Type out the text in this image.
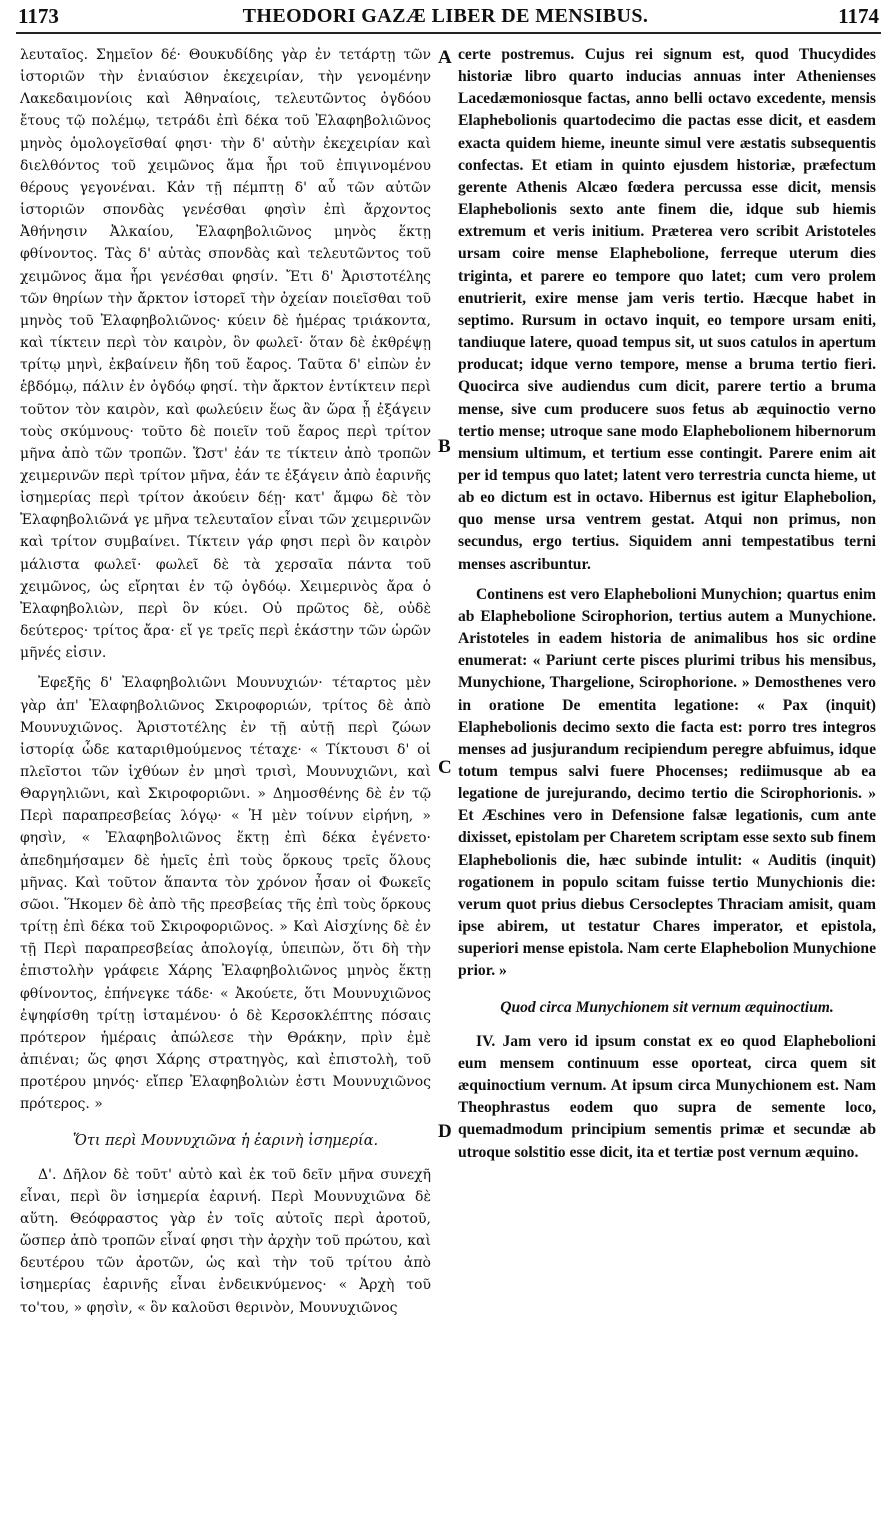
1173	THEODORI GAZÆ LIBER DE MENSIBUS.	1174

λευταῖος. Σημεῖον δέ· Θουκυδίδης γὰρ ἐν τετάρτῃ τῶν ἱστοριῶν τὴν ἐνιαύσιον ἐκεχειρίαν, τὴν γενομένην Λακεδαιμονίοις καὶ Ἀθηναίοις, τελευτῶντος ὀγδόου ἔτους τῷ πολέμῳ, τετράδι ἐπὶ δέκα τοῦ Ἐλαφηβολιῶνος μηνὸς ὁμολογεῖσθαί φησι· τὴν δ' αὐτὴν ἐκεχειρίαν καὶ διελθόντος τοῦ χειμῶνος ἅμα ἦρι τοῦ ἐπιγινομένου θέρους γεγονέναι. Κἀν τῇ πέμπτῃ δ' αὖ τῶν αὐτῶν ἱστοριῶν σπονδὰς γενέσθαι φησὶν ἐπὶ ἄρχοντος Ἀθήνησιν Ἀλκαίου, Ἐλαφηβολιῶνος μηνὸς ἕκτῃ φθίνοντος. Τὰς δ' αὐτὰς σπονδὰς καὶ τελευτῶντος τοῦ χειμῶνος ἅμα ἦρι γενέσθαι φησίν. Ἔτι δ' Ἀριστοτέλης τῶν θηρίων τὴν ἄρκτον ἱστορεῖ τὴν ὀχείαν ποιεῖσθαι τοῦ μηνὸς τοῦ Ἐλαφηβολιῶνος· κύειν δὲ ἡμέρας τριάκοντα, καὶ τίκτειν περὶ τὸν καιρὸν, ὃν φωλεῖ· ὅταν δὲ ἐκθρέψῃ τρίτῳ μηνὶ, ἐκβαίνειν ἤδη τοῦ ἔαρος. Ταῦτα δ' εἰπὼν ἐν ἑβδόμῳ, πάλιν ἐν ὀγδόῳ φησί. τὴν ἄρκτον ἐντίκτειν περὶ τοῦτον τὸν καιρὸν, καὶ φωλεύειν ἕως ἂν ὥρα ᾖ ἐξάγειν τοὺς σκύμνους· τοῦτο δὲ ποιεῖν τοῦ ἔαρος περὶ τρίτον μῆνα ἀπὸ τῶν τροπῶν. Ὥστ' ἐάν τε τίκτειν ἀπὸ τροπῶν χειμερινῶν περὶ τρίτον μῆνα, ἐάν τε ἐξάγειν ἀπὸ ἐαρινῆς ἰσημερίας περὶ τρίτον ἀκούειν δέῃ· κατ' ἄμφω δὲ τὸν Ἐλαφηβολιῶνά γε μῆνα τελευταῖον εἶναι τῶν χειμερινῶν καὶ τρίτον συμβαίνει. Τίκτειν γάρ φησι περὶ ὃν καιρὸν μάλιστα φωλεῖ· φωλεῖ δὲ τὰ χερσαῖα πάντα τοῦ χειμῶνος, ὡς εἴρηται ἐν τῷ ὀγδόῳ. Χειμερινὸς ἄρα ὁ Ἐλαφηβολιὼν, περὶ ὃν κύει. Οὐ πρῶτος δὲ, οὐδὲ δεύτερος· τρίτος ἄρα· εἴ γε τρεῖς περὶ ἑκάστην τῶν ὡρῶν μῆνές εἰσιν.

Ἐφεξῆς δ' Ἐλαφηβολιῶνι Μουνυχιών· τέταρτος μὲν γὰρ ἀπ' Ἐλαφηβολιῶνος Σκιροφοριών, τρίτος δὲ ἀπὸ Μουνυχιῶνος. Ἀριστοτέλης ἐν τῇ αὐτῇ περὶ ζώων ἱστορίᾳ ὧδε καταριθμούμενος τέταχε· « Τίκτουσι δ' οἱ πλεῖστοι τῶν ἰχθύων ἐν μησὶ τρισὶ, Μουνυχιῶνι, καὶ Θαργηλιῶνι, καὶ Σκιροφοριῶνι. » Δημοσθένης δὲ ἐν τῷ Περὶ παραπρεσβείας λόγῳ· « Ἡ μὲν τοίνυν εἰρήνη, » φησὶν, « Ἐλαφηβολιῶνος ἕκτῃ ἐπὶ δέκα ἐγένετο· ἀπεδημήσαμεν δὲ ἡμεῖς ἐπὶ τοὺς ὅρκους τρεῖς ὅλους μῆνας. Καὶ τοῦτον ἅπαντα τὸν χρόνον ἦσαν οἱ Φωκεῖς σῶοι. Ἥκομεν δὲ ἀπὸ τῆς πρεσβείας τῆς ἐπὶ τοὺς ὅρκους τρίτῃ ἐπὶ δέκα τοῦ Σκιροφοριῶνος. » Καὶ Αἰσχίνης δὲ ἐν τῇ Περὶ παραπρεσβείας ἀπολογίᾳ, ὑπειπὼν, ὅτι δὴ τὴν ἐπιστολὴν γράφειε Χάρης Ἐλαφηβολιῶνος μηνὸς ἕκτῃ φθίνοντος, ἐπήνεγκε τάδε· « Ἀκούετε, ὅτι Μουνυχιῶνος ἐψηφίσθη τρίτῃ ἱσταμένου· ὁ δὲ Κερσοκλέπτης πόσαις πρότερον ἡμέραις ἀπώλεσε τὴν Θράκην, πρὶν ἐμὲ ἀπιέναι; ὥς φησι Χάρης στρατηγὸς, καὶ ἐπιστολὴ, τοῦ προτέρου μηνός· εἴπερ Ἐλαφηβολιὼν ἐστι Μουνυχιῶνος πρότερος. »

Ὅτι περὶ Μουνυχιῶνα ἡ ἐαρινὴ ἰσημερία.

Δ'. Δῆλον δὲ τοῦτ' αὐτὸ καὶ ἐκ τοῦ δεῖν μῆνα συνεχῆ εἶναι, περὶ ὃν ἰσημερία ἐαρινή. Περὶ Μουνυχιῶνα δὲ αὕτη. Θεόφραστος γὰρ ἐν τοῖς αὐτοῖς περὶ ἀροτοῦ, ὥσπερ ἀπὸ τροπῶν εἶναί φησι τὴν ἀρχὴν τοῦ πρώτου, καὶ δευτέρου τῶν ἀροτῶν, ὡς καὶ τὴν τοῦ τρίτου ἀπὸ ἰσημερίας ἐαρινῆς εἶναι ἐνδεικνύμενος· « Ἀρχὴ τοῦ το'του, » φησὶν, « ὃν καλοῦσι θερινὸν, Μουνυχιῶνος

A
B
C
D

certe postremus. Cujus rei signum est, quod Thucydides historiæ libro quarto inducias annuas inter Athenienses Lacedæmoniosque factas, anno belli octavo excedente, mensis Elaphebolionis quartodecimo die pactas esse dicit, et easdem exacta quidem hieme, ineunte simul vere æstatis subsequentis confectas. Et etiam in quinto ejusdem historiæ, præfectum gerente Athenis Alcæo fœdera percussa esse dicit, mensis Elaphebolionis sexto ante finem die, idque sub hiemis extremum et veris initium. Præterea vero scribit Aristoteles ursam coire mense Elaphebolione, ferreque uterum dies triginta, et parere eo tempore quo latet; cum vero prolem enutrierit, exire mense jam veris tertio. Hæcque habet in septimo. Rursum in octavo inquit, eo tempore ursam eniti, tandiuque latere, quoad tempus sit, ut suos catulos in apertum producat; idque verno tempore, mense a bruma tertio fieri. Quocirca sive audiendus cum dicit, parere tertio a bruma mense, sive cum producere suos fetus ab æquinoctio verno tertio mense; utroque sane modo Elaphebolionem hibernorum mensium ultimum, et tertium esse contingit. Parere enim ait per id tempus quo latet; latent vero terrestria cuncta hieme, ut ab eo dictum est in octavo. Hibernus est igitur Elaphebolion, quo mense ursa ventrem gestat. Atqui non primus, non secundus, ergo tertius. Siquidem anni tempestatibus terni menses ascribuntur.

Continens est vero Elaphebolioni Munychion; quartus enim ab Elaphebolione Scirophorion, tertius autem a Munychione. Aristoteles in eadem historia de animalibus hos sic ordine enumerat: « Pariunt certe pisces plurimi tribus his mensibus, Munychione, Thargelione, Scirophorione. » Demosthenes vero in oratione De ementita legatione: « Pax (inquit) Elaphebolionis decimo sexto die facta est: porro tres integros menses ad jusjurandum recipiendum peregre abfuimus, idque totum tempus salvi fuere Phocenses; rediimusque ab ea legatione de jurejurando, decimo tertio die Scirophorionis. » Et Æschines vero in Defensione falsæ legationis, cum ante dixisset, epistolam per Charetem scriptam esse sexto sub finem Elaphebolionis die, hæc subinde intulit: « Auditis (inquit) rogationem in populo scitam fuisse tertio Munychionis die: verum quot prius diebus Cersocleptes Thraciam amisit, quam ipse abirem, ut testatur Chares imperator, et epistola, superiori mense epistola. Nam certe Elaphebolion Munychione prior. »

Quod circa Munychionem sit vernum æquinoctium.

IV. Jam vero id ipsum constat ex eo quod Elaphebolioni eum mensem continuum esse oporteat, circa quem sit æquinoctium vernum. At ipsum circa Munychionem est. Nam Theophrastus eodem quo supra de semente loco, quemadmodum principium sementis primæ et secundæ ab utroque solstitio esse dicit, ita et tertiæ post vernum æquino.
